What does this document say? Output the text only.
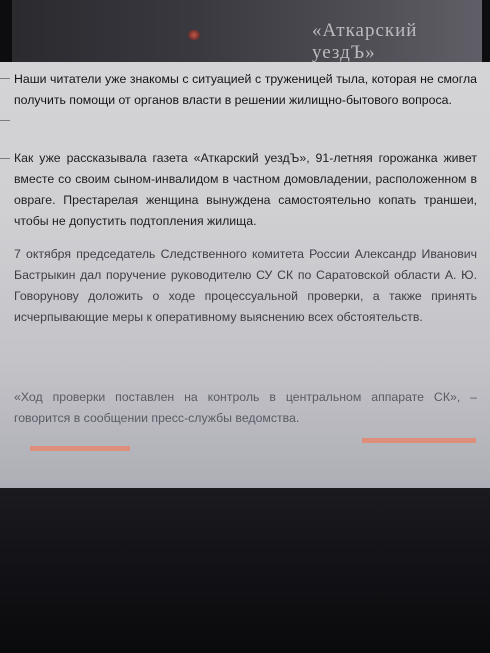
«Аткарский уездЪ»

Наши читатели уже знакомы с ситуацией с труженицей тыла, которая не смогла получить помощи от органов власти в решении жилищно-бытового вопроса.

Как уже рассказывала газета «Аткарский уездЪ», 91-летняя горожанка живет вместе со своим сыном-инвалидом в частном домовладении, расположенном в овраге. Престарелая женщина вынуждена самостоятельно копать траншеи, чтобы не допустить подтопления жилища.

7 октября председатель Следственного комитета России Александр Иванович Бастрыкин дал поручение руководителю СУ СК по Саратовской области А. Ю. Говорунову доложить о ходе процессуальной проверки, а также принять исчерпывающие меры к оперативному выяснению всех обстоятельств.

«Ход проверки поставлен на контроль в центральном аппарате СК», – говорится в сообщении пресс-службы ведомства.
